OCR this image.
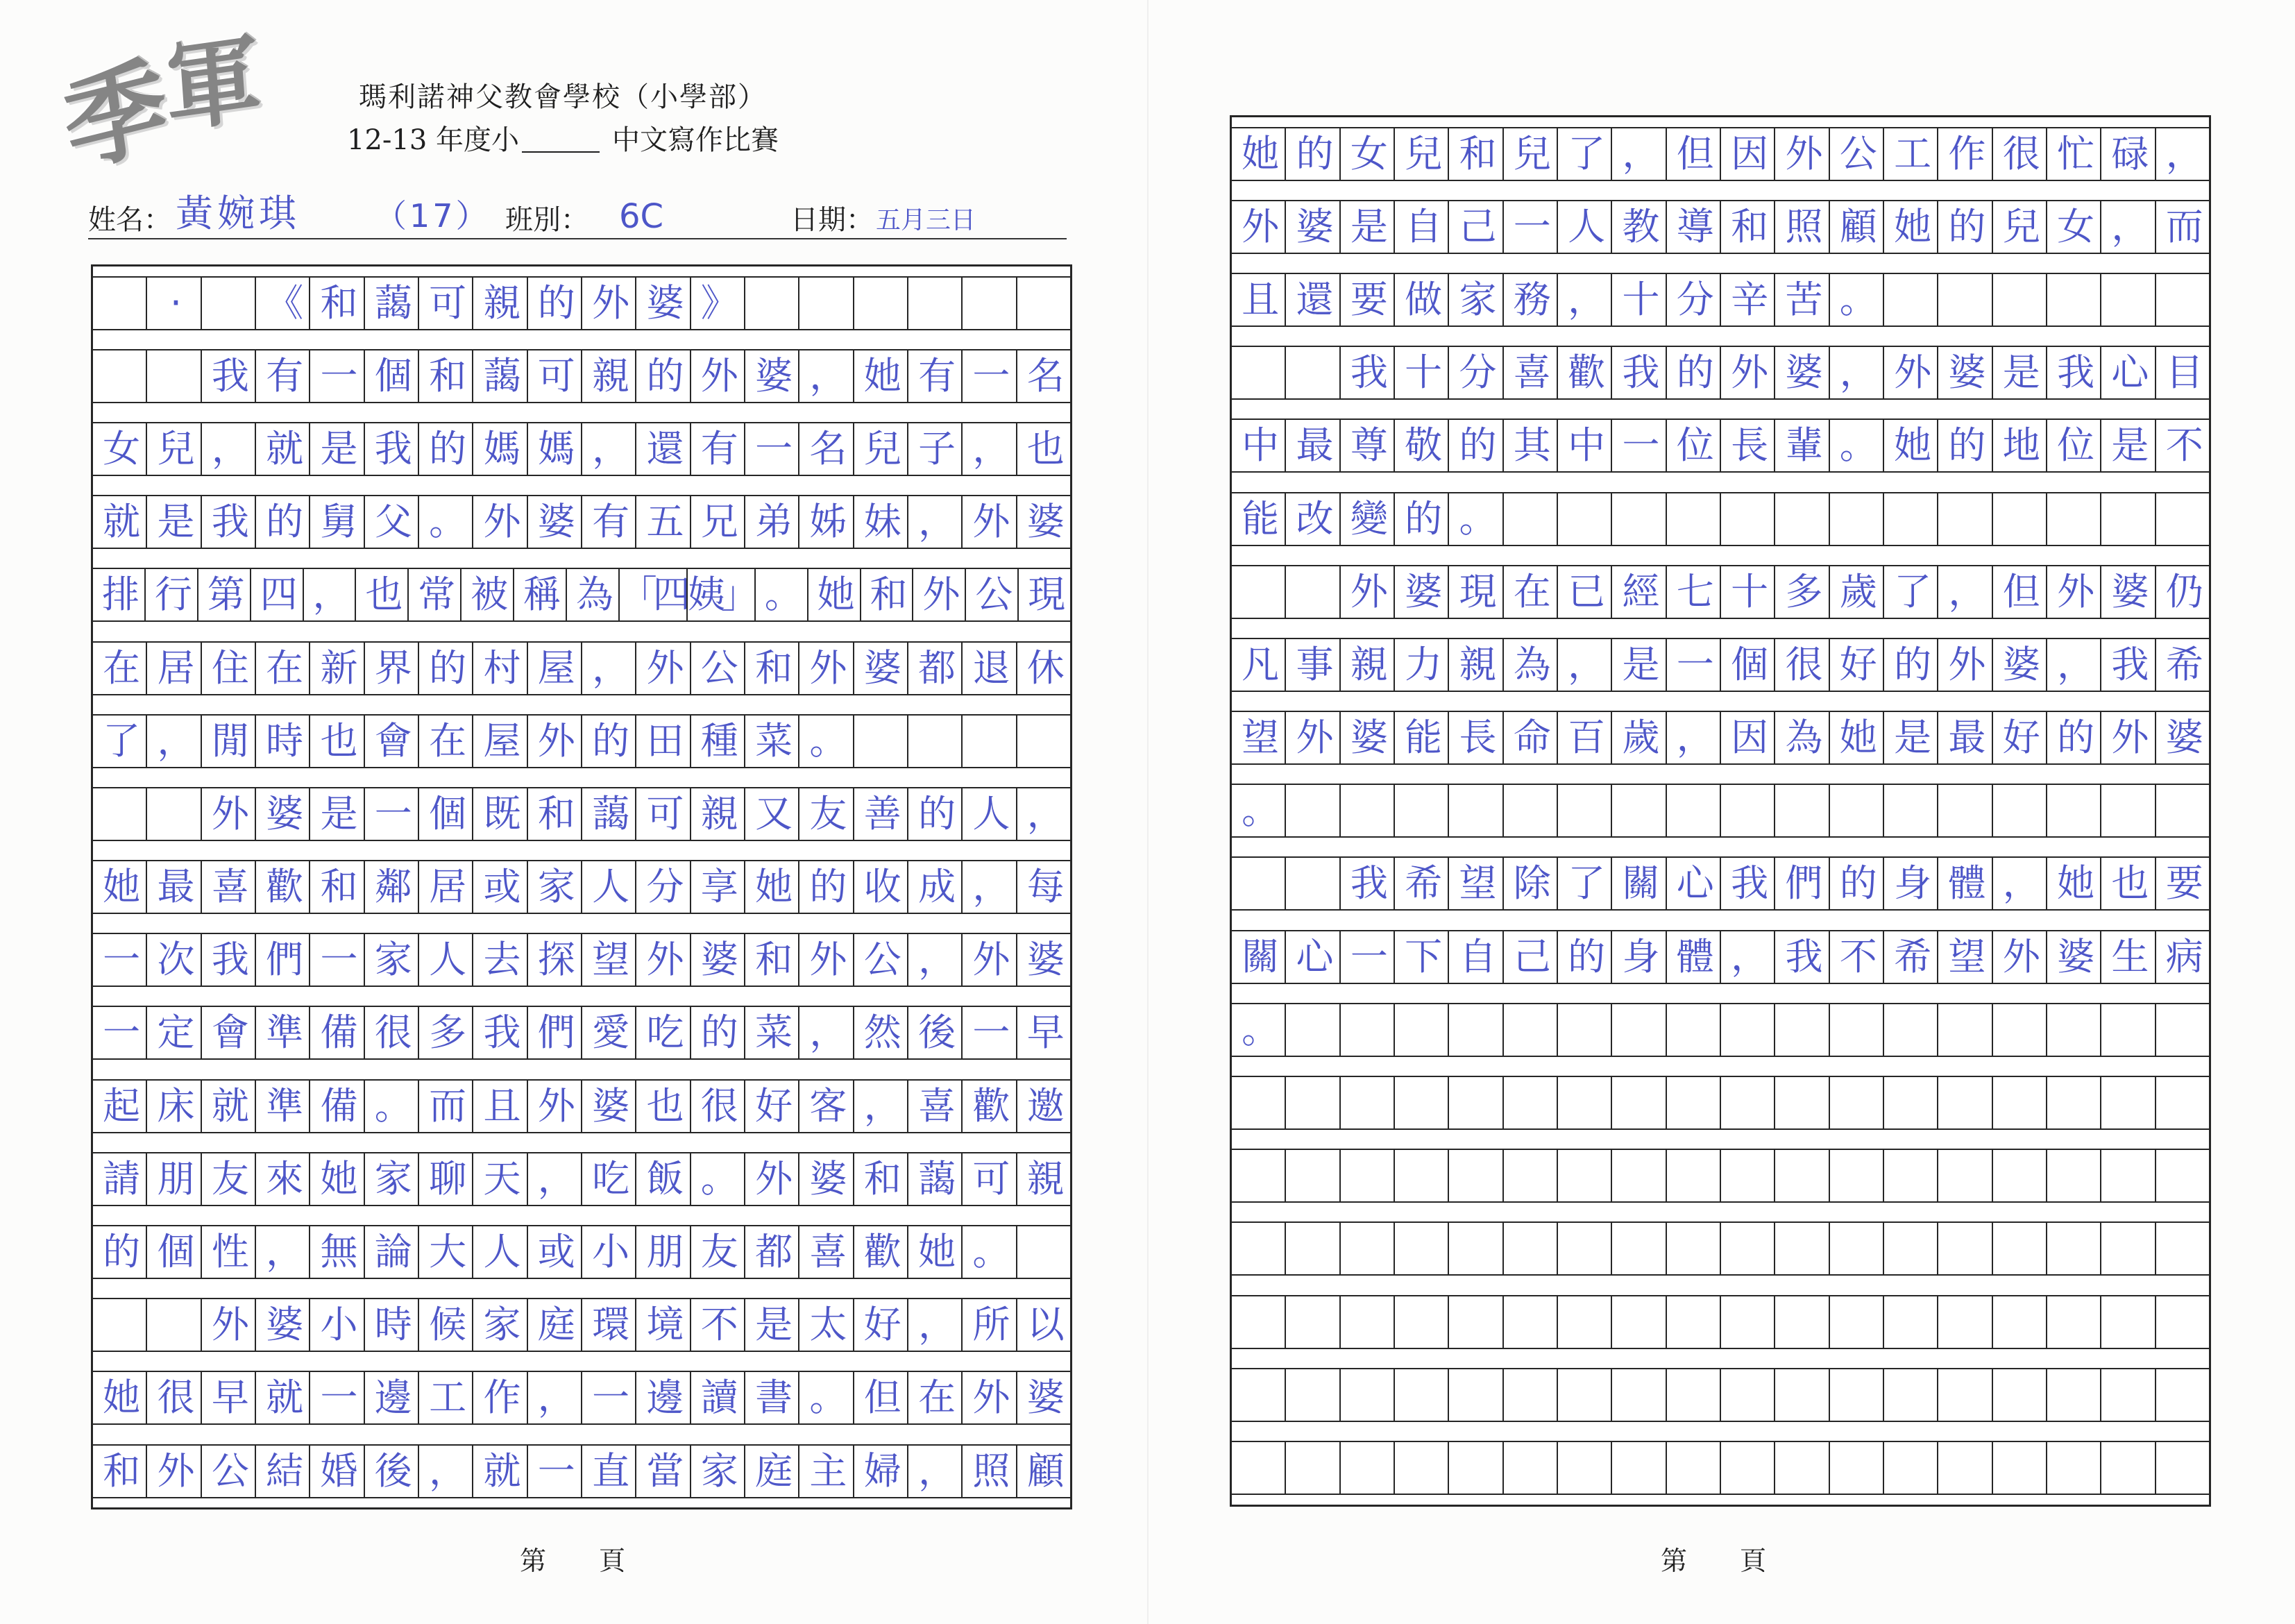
季
軍	瑪利諾神父教會學校（小學部）
12-13 年度小	中文寫作比賽
姓名： 黃婉琪 （17） 班別： 6C	日期： 五月三日

·
　	《 和 藹 可 親 的 外 婆 》

我 有 一 個 和 藹 可 親 的 外 婆 ， 她 有 一 名
女 兒 ， 就 是 我 的 媽 媽 ， 還 有 一 名 兒 子 ， 也
就 是 我 的 舅 父 。 外 婆 有 五 兄 弟 姊 妹 ， 外 婆
排 行 第 四 ， 也 常 被 稱 為 「四 姨」 。 她 和 外 公 現
在 居 住 在 新 界 的 村 屋 ， 外 公 和 外 婆 都 退 休
了 ， 閒 時 也 會 在 屋 外 的 田 種 菜 。

外 婆 是 一 個 既 和 藹 可 親 又 友 善 的 人 ，
她 最 喜 歡 和 鄰 居 或 家 人 分 享 她 的 收 成 ， 每
一 次 我 們 一 家 人 去 探 望 外 婆 和 外 公 ， 外 婆
一 定 會 準 備 很 多 我 們 愛 吃 的 菜 ， 然 後 一 早
起 床 就 準 備 。 而 且 外 婆 也 很 好 客 ， 喜 歡 邀
請 朋 友 來 她 家 聊 天 ， 吃 飯 。 外 婆 和 藹 可 親
的 個 性 ， 無 論 大 人 或 小 朋 友 都 喜 歡 她 。

外 婆 小 時 候 家 庭 環 境 不 是 太 好 ， 所 以
她 很 早 就 一 邊 工 作 ， 一 邊 讀 書 。 但 在 外 婆
和 外 公 結 婚 後 ， 就 一 直 當 家 庭 主 婦 ， 照 顧
她 的 女 兒 和 兒 了 ， 但 因 外 公 工 作 很 忙 碌 ，
外 婆 是 自 己 一 人 教 導 和 照 顧 她 的 兒 女 ， 而
且 還 要 做 家 務 ， 十 分 辛 苦 。

我 十 分 喜 歡 我 的 外 婆 ， 外 婆 是 我 心 目
中 最 尊 敬 的 其 中 一 位 長 輩 。 她 的 地 位 是 不
能 改 變 的 。

外 婆 現 在 已 經 七 十 多 歲 了 ， 但 外 婆 仍
凡 事 親 力 親 為 ， 是 一 個 很 好 的 外 婆 ， 我 希
望 外 婆 能 長 命 百 歲 ， 因 為 她 是 最 好 的 外 婆
。

我 希 望 除 了 關 心 我 們 的 身 體 ， 她 也 要
關 心 一 下 自 己 的 身 體 ， 我 不 希 望 外 婆 生 病
。
第　　頁	第　　頁
